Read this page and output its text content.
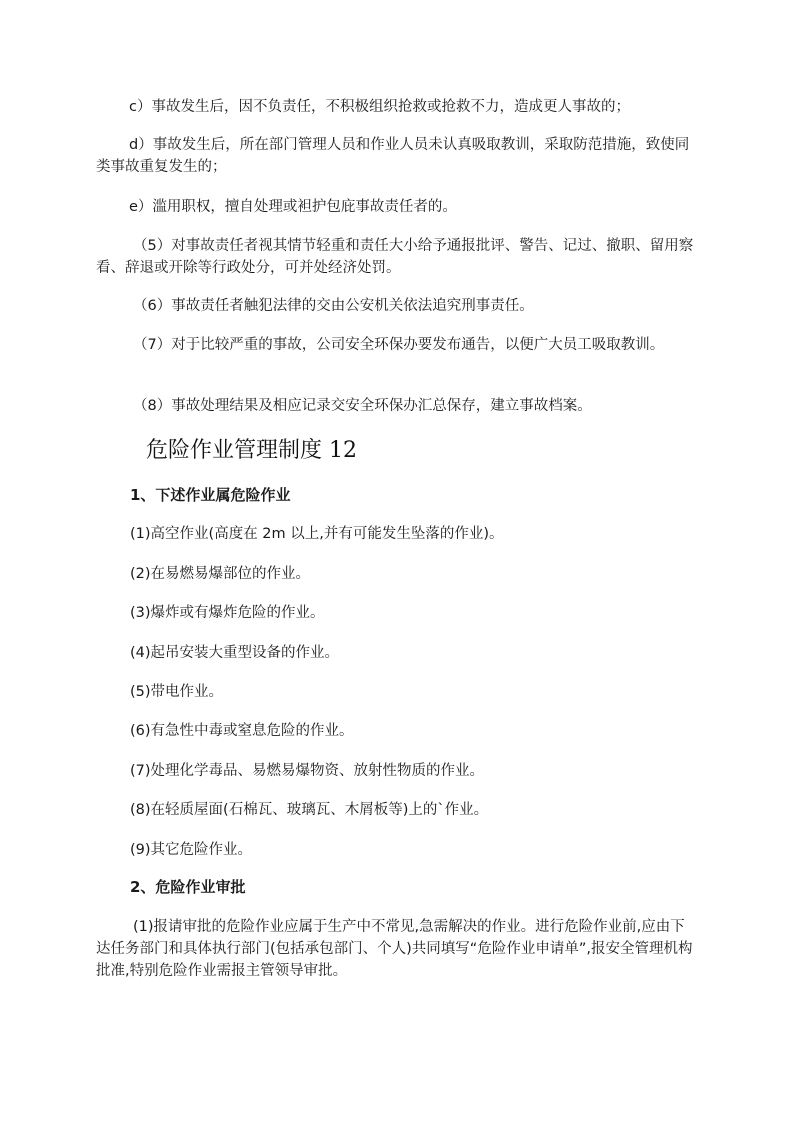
c）事故发生后，因不负责任，不积极组织抢救或抢救不力，造成更人事故的；
d）事故发生后，所在部门管理人员和作业人员未认真吸取教训，采取防范措施，致使同类事故重复发生的；
e）滥用职权，擅自处理或袒护包庇事故责任者的。
（5）对事故责任者视其情节轻重和责任大小给予通报批评、警告、记过、撤职、留用察看、辞退或开除等行政处分，可并处经济处罚。
（6）事故责任者触犯法律的交由公安机关依法追究刑事责任。
（7）对于比较严重的事故，公司安全环保办要发布通告，以便广大员工吸取教训。
（8）事故处理结果及相应记录交安全环保办汇总保存，建立事故档案。
危险作业管理制度 12
1、下述作业属危险作业
(1)高空作业(高度在 2m 以上,并有可能发生坠落的作业)。
(2)在易燃易爆部位的作业。
(3)爆炸或有爆炸危险的作业。
(4)起吊安装大重型设备的作业。
(5)带电作业。
(6)有急性中毒或窒息危险的作业。
(7)处理化学毒品、易燃易爆物资、放射性物质的作业。
(8)在轻质屋面(石棉瓦、玻璃瓦、木屑板等)上的`作业。
(9)其它危险作业。
2、危险作业审批
(1)报请审批的危险作业应属于生产中不常见,急需解决的作业。进行危险作业前,应由下达任务部门和具体执行部门(包括承包部门、个人)共同填写“危险作业申请单”,报安全管理机构批准,特别危险作业需报主管领导审批。
